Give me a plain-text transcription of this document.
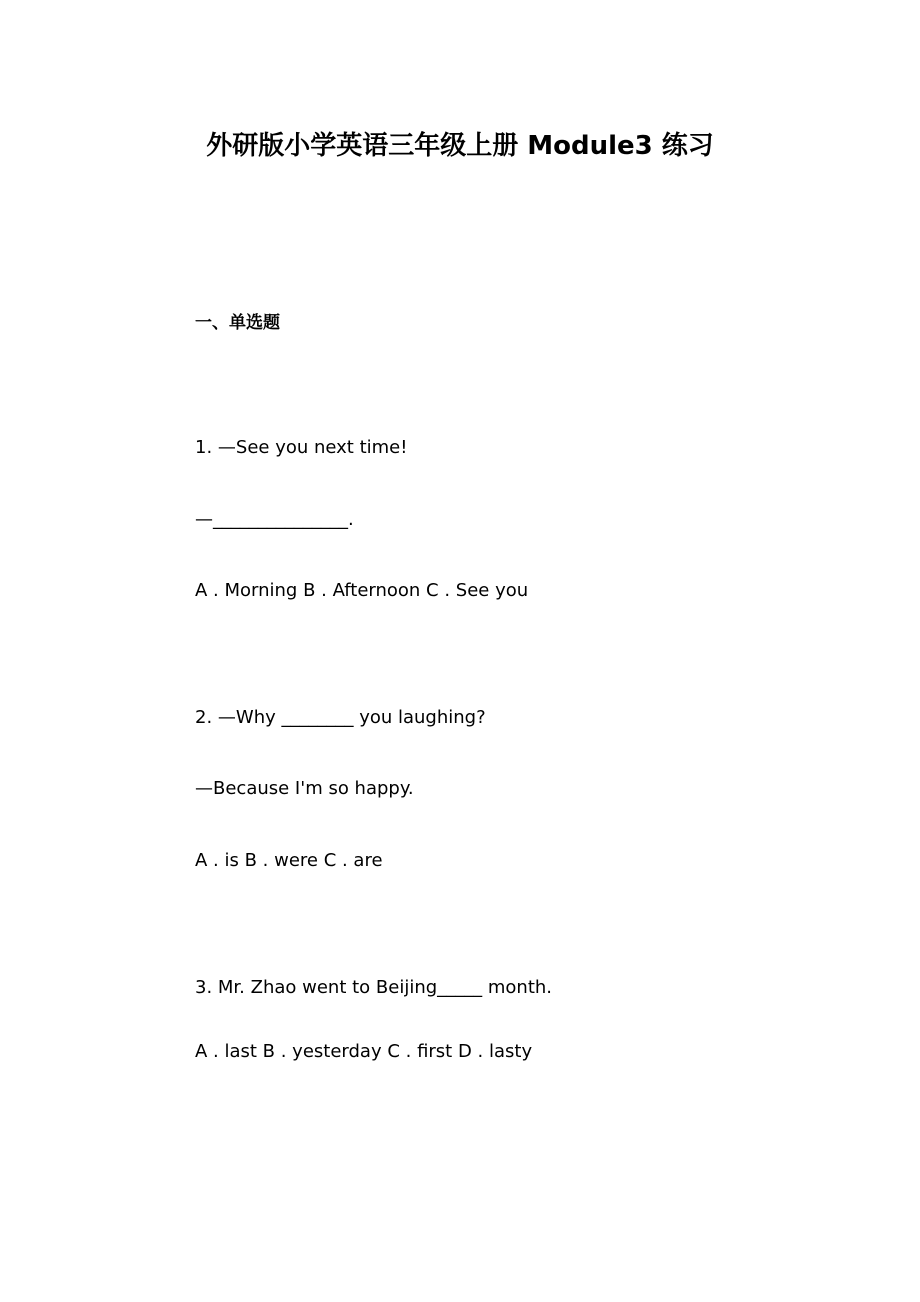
外研版小学英语三年级上册 Module3 练习
一、单选题
1. —See you next time!
—_______________.
A . Morning B . Afternoon C . See you
2. —Why ________ you laughing?
—Because I'm so happy.
A . is B . were C . are
3. Mr. Zhao went to Beijing_____ month.
A . last B . yesterday C . first D . lasty
